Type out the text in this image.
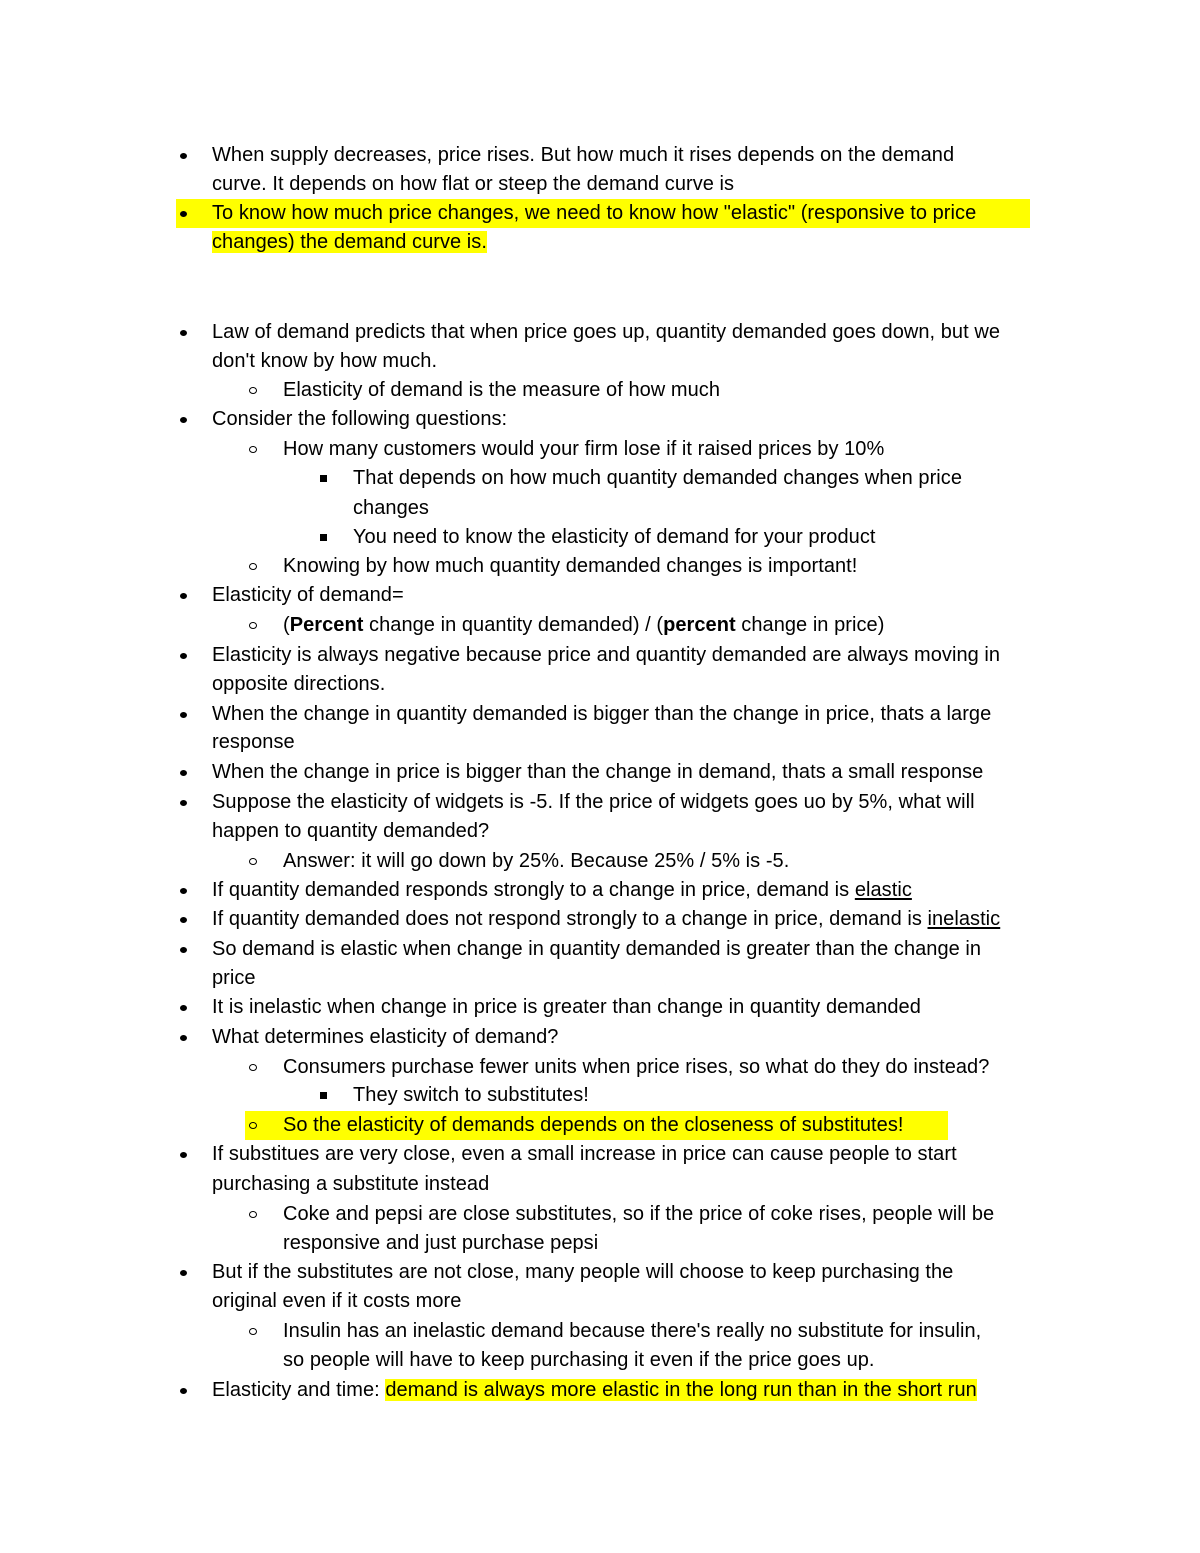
When supply decreases, price rises. But how much it rises depends on the demand
curve. It depends on how flat or steep the demand curve is
To know how much price changes, we need to know how "elastic" (responsive to price
changes) the demand curve is.
Law of demand predicts that when price goes up, quantity demanded goes down, but we
don't know by how much.
Elasticity of demand is the measure of how much
Consider the following questions:
How many customers would your firm lose if it raised prices by 10%
That depends on how much quantity demanded changes when price
changes
You need to know the elasticity of demand for your product
Knowing by how much quantity demanded changes is important!
Elasticity of demand=
(Percent change in quantity demanded) / (percent change in price)
Elasticity is always negative because price and quantity demanded are always moving in
opposite directions.
When the change in quantity demanded is bigger than the change in price, thats a large
response
When the change in price is bigger than the change in demand, thats a small response
Suppose the elasticity of widgets is -5. If the price of widgets goes uo by 5%, what will
happen to quantity demanded?
Answer: it will go down by 25%. Because 25% / 5% is -5.
If quantity demanded responds strongly to a change in price, demand is elastic
If quantity demanded does not respond strongly to a change in price, demand is inelastic
So demand is elastic when change in quantity demanded is greater than the change in
price
It is inelastic when change in price is greater than change in quantity demanded
What determines elasticity of demand?
Consumers purchase fewer units when price rises, so what do they do instead?
They switch to substitutes!
So the elasticity of demands depends on the closeness of substitutes!
If substitues are very close, even a small increase in price can cause people to start
purchasing a substitute instead
Coke and pepsi are close substitutes, so if the price of coke rises, people will be
responsive and just purchase pepsi
But if the substitutes are not close, many people will choose to keep purchasing the
original even if it costs more
Insulin has an inelastic demand because there's really no substitute for insulin,
so people will have to keep purchasing it even if the price goes up.
Elasticity and time: demand is always more elastic in the long run than in the short run
